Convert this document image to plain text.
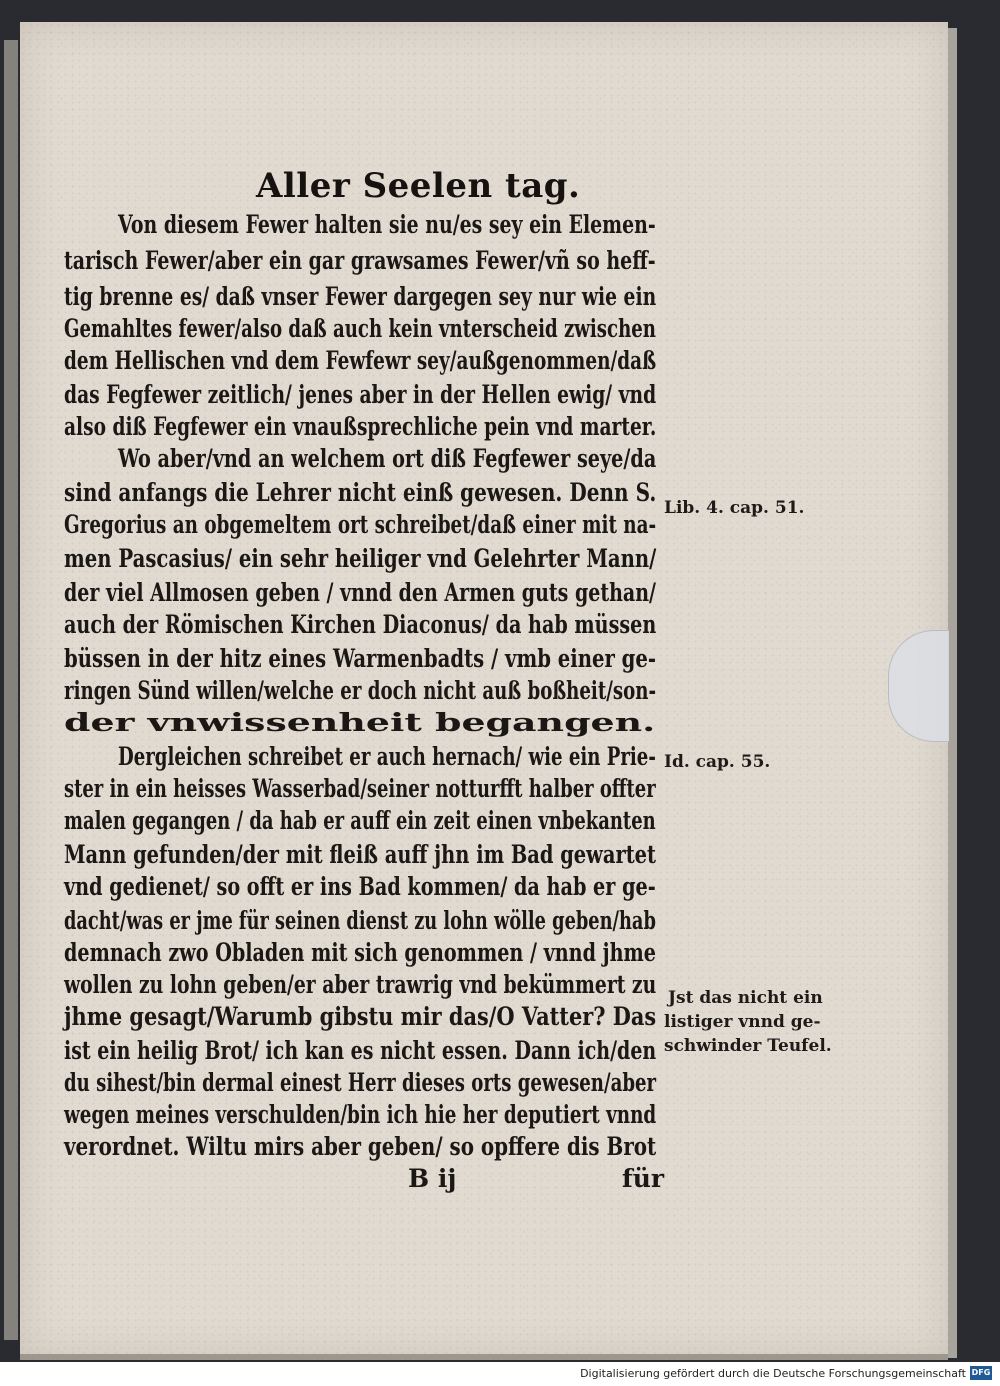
Aller Seelen tag.
Von diesem Fewer halten sie nu/es sey ein Elemen-
tarisch Fewer/aber ein gar grawsames Fewer/vñ so heff-
tig brenne es/ daß vnser Fewer dargegen sey nur wie ein
Gemahltes fewer/also daß auch kein vnterscheid zwischen
dem Hellischen vnd dem Fewfewr sey/außgenommen/daß
das Fegfewer zeitlich/ jenes aber in der Hellen ewig/ vnd
also diß Fegfewer ein vnaußsprechliche pein vnd marter.
Wo aber/vnd an welchem ort diß Fegfewer seye/da
sind anfangs die Lehrer nicht einß gewesen. Denn S.
Gregorius an obgemeltem ort schreibet/daß einer mit na-
men Pascasius/ ein sehr heiliger vnd Gelehrter Mann/
der viel Allmosen geben / vnnd den Armen guts gethan/
auch der Römischen Kirchen Diaconus/ da hab müssen
büssen in der hitz eines Warmenbadts / vmb einer ge-
ringen Sünd willen/welche er doch nicht auß boßheit/son-
der vnwissenheit begangen.
Dergleichen schreibet er auch hernach/ wie ein Prie-
ster in ein heisses Wasserbad/seiner notturfft halber offter
malen gegangen / da hab er auff ein zeit einen vnbekanten
Mann gefunden/der mit fleiß auff jhn im Bad gewartet
vnd gedienet/ so offt er ins Bad kommen/ da hab er ge-
dacht/was er jme für seinen dienst zu lohn wölle geben/hab
demnach zwo Obladen mit sich genommen / vnnd jhme
wollen zu lohn geben/er aber trawrig vnd bekümmert zu
jhme gesagt/Warumb gibstu mir das/O Vatter? Das
ist ein heilig Brot/ ich kan es nicht essen. Dann ich/den
du sihest/bin dermal einest Herr dieses orts gewesen/aber
wegen meines verschulden/bin ich hie her deputiert vnnd
verordnet. Wiltu mirs aber geben/ so opffere dis Brot
Lib. 4. cap. 51.
Id. cap. 55.
Jst das nicht ein
listiger vnnd ge-
schwinder Teufel.
B ij	für
Digitalisierung gefördert durch die Deutsche Forschungsgemeinschaft DFG
